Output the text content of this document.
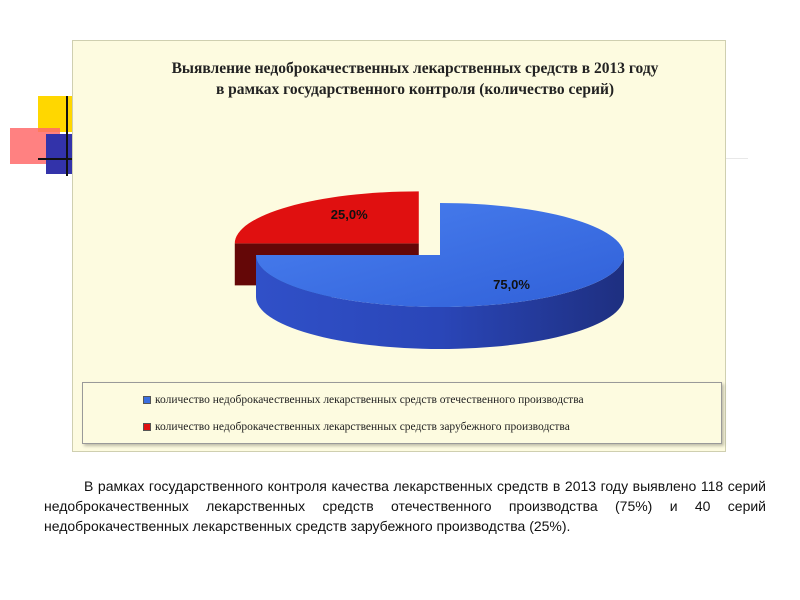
Выявление недоброкачественных лекарственных средств в 2013 году в рамках государственного контроля (количество серий)
75,0%
25,0%
количество недоброкачественных лекарственных средств отечественного производства
количество недоброкачественных лекарственных средств зарубежного производства
В рамках государственного контроля качества лекарственных средств в 2013 году выявлено 118 серий недоброкачественных лекарственных средств отечественного производства (75%) и 40 серий недоброкачественных лекарственных средств зарубежного производства (25%).
